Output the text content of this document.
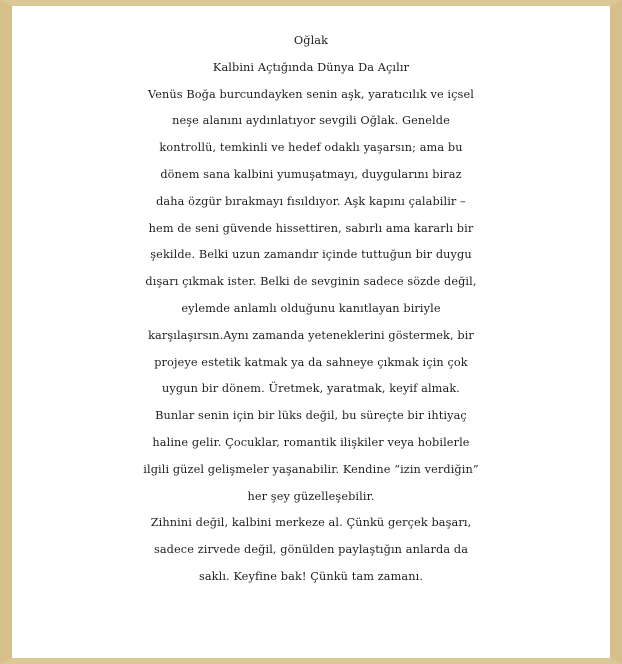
Oğlak
Kalbini Açtığında Dünya Da Açılır
Venüs Boğa burcundayken senin aşk, yaratıcılık ve içsel
neşe alanını aydınlatıyor sevgili Oğlak. Genelde
kontrollü, temkinli ve hedef odaklı yaşarsın; ama bu
dönem sana kalbini yumuşatmayı, duygularını biraz
daha özgür bırakmayı fısıldıyor. Aşk kapını çalabilir –
hem de seni güvende hissettiren, sabırlı ama kararlı bir
şekilde. Belki uzun zamandır içinde tuttuğun bir duygu
dışarı çıkmak ister. Belki de sevginin sadece sözde değil,
eylemde anlamlı olduğunu kanıtlayan biriyle
karşılaşırsın.Aynı zamanda yeteneklerini göstermek, bir
projeye estetik katmak ya da sahneye çıkmak için çok
uygun bir dönem. Üretmek, yaratmak, keyif almak.
Bunlar senin için bir lüks değil, bu süreçte bir ihtiyaç
haline gelir. Çocuklar, romantik ilişkiler veya hobilerle
ilgili güzel gelişmeler yaşanabilir. Kendine “izin verdiğin”
her şey güzelleşebilir.
Zihnini değil, kalbini merkeze al. Çünkü gerçek başarı,
sadece zirvede değil, gönülden paylaştığın anlarda da
saklı. Keyfine bak! Çünkü tam zamanı.
